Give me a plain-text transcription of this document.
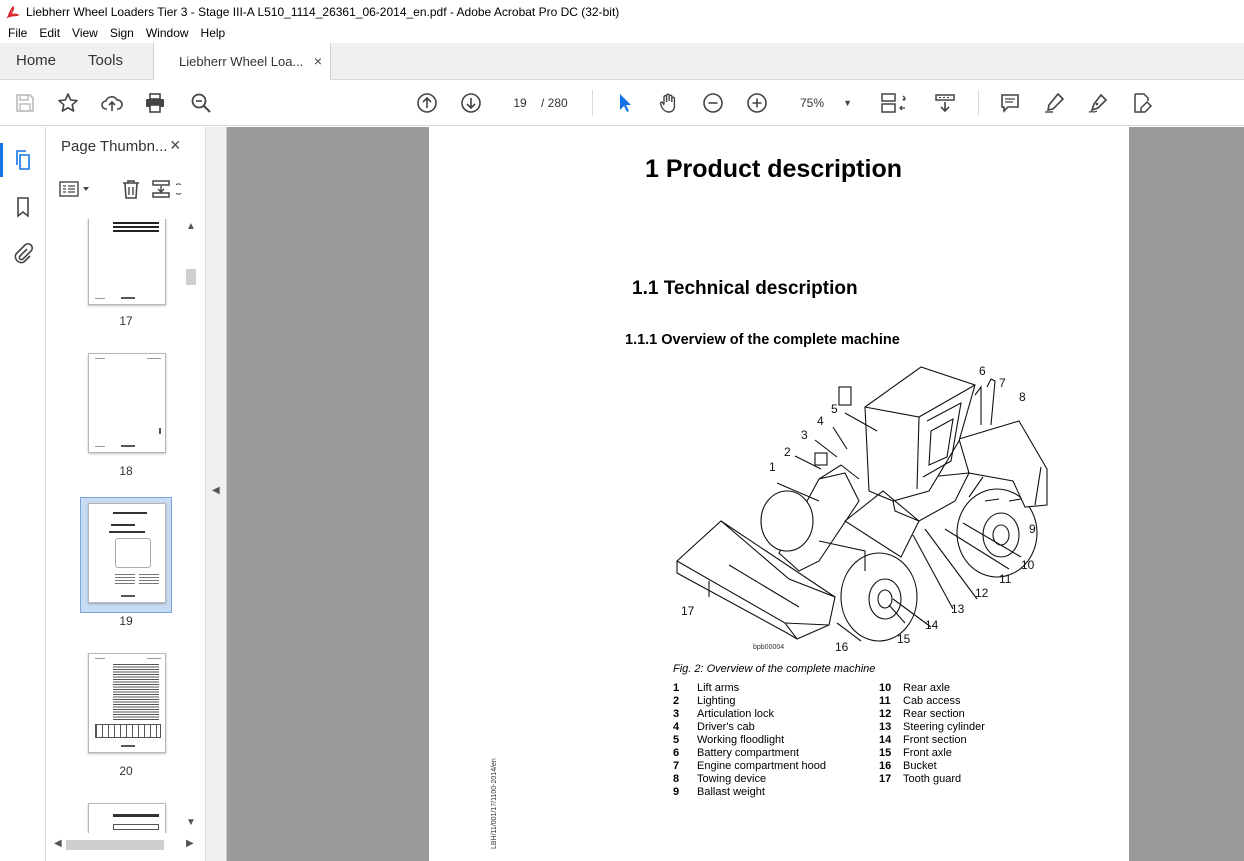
Liebherr Wheel Loaders Tier 3 - Stage III-A L510_1114_26361_06-2014_en.pdf - Adobe Acrobat Pro DC (32-bit)
File	Edit	View	Sign	Window	Help
Home Tools	Liebherr Wheel Loa... ×
19	/ 280	75% ▼
Page Thumbn... ×
17
18
19
20
▲
▼
◀	▶
◀
1 Product description
1.1 Technical description
1.1.1 Overview of the complete machine
1
2
3
4
5
6
7
8
9
10
11
12
13
14
15
16
17
bpb00004
Fig. 2: Overview of the complete machine
1	Lift arms
2	Lighting
3	Articulation lock
4	Driver's cab
5	Working floodlight
6	Battery compartment
7	Engine compartment hood
8	Towing device
9	Ballast weight
10	Rear axle
11	Cab access
12	Rear section
13	Steering cylinder
14	Front section
15	Front axle
16	Bucket
17	Tooth guard
LBH/11/001/17/1100-2014/en
